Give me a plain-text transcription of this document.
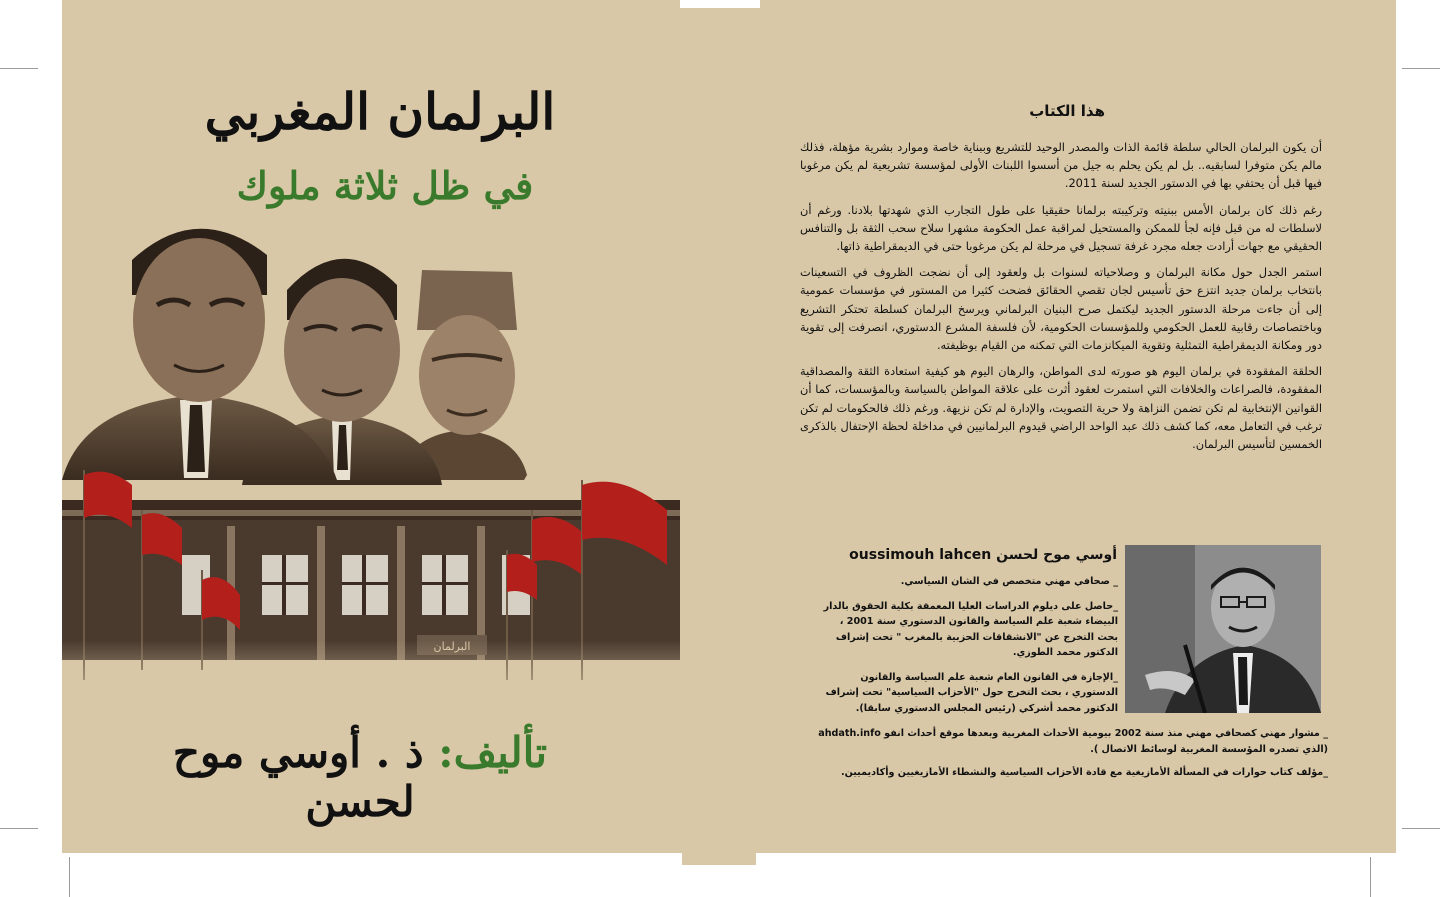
البرلمان المغربي
في ظل ثلاثة ملوك
تأليف: ذ . أوسي موح لحسن
هذا الكتاب

أن يكون البرلمان الحالي سلطة قائمة الذات والمصدر الوحيد للتشريع وببناية خاصة وموارد بشرية مؤهلة، فذلك مالم يكن متوفرا لسابقيه.. بل لم يكن يحلم به جيل من أسسوا اللبنات الأولى لمؤسسة تشريعية لم يكن مرغوبا فيها قبل أن يحتفي بها في الدستور الجديد لسنة 2011.

رغم ذلك كان برلمان الأمس ببنيته وتركيبته برلمانا حقيقيا على طول التجارب الذي شهدتها بلادنا. ورغم أن لاسلطات له من قبل فإنه لجأ للممكن والمستحيل لمراقبة عمل الحكومة مشهرا سلاح سحب الثقة بل والتنافس الحقيقي مع جهات أرادت جعله مجرد غرفة تسجيل في مرحلة لم يكن مرغوبا حتى في الديمقراطية ذاتها.

استمر الجدل حول مكانة البرلمان و وصلاحياته لسنوات بل ولعقود إلى أن نضجت الظروف في التسعينات بانتخاب برلمان جديد انتزع حق تأسيس لجان تقصي الحقائق فضحت كثيرا من المستور في مؤسسات عمومية إلى أن جاءت مرحلة الدستور الجديد ليكتمل صرح البنيان البرلماني ويرسخ البرلمان كسلطة تحتكر التشريع وباختصاصات رقابية للعمل الحكومي وللمؤسسات الحكومية، لأن فلسفة المشرع الدستوري، انصرفت إلى تقوية دور ومكانة الديمقراطية التمثلية وتقوية الميكانزمات التي تمكنه من القيام بوظيفته.

الحلقة المفقودة في برلمان اليوم هو صورته لدى المواطن، والرهان اليوم هو كيفية استعادة الثقة والمصداقية المفقودة، فالصراعات والخلافات التي استمرت لعقود أثرت على علاقة المواطن بالسياسة وبالمؤسسات، كما أن القوانين الإنتخابية لم تكن تضمن النزاهة ولا حرية التصويت، والإدارة لم تكن نزيهة. ورغم ذلك فالحكومات لم تكن ترغب في التعامل معه، كما كشف ذلك عبد الواحد الراضي قيدوم البرلمانيين في مداخلة لحظة الإحتفال بالذكرى الخمسين لتأسيس البرلمان.

أوسي موح لحسن oussimouh lahcen

_ صحافي مهني متخصص في الشان السياسي.

_حاصل على ديلوم الدراسات العليا المعمقة بكلية الحقوق بالدار البيضاء شعبة علم السياسة والقانون الدستوري سنة 2001 ، بحث التخرج عن "الانشقاقات الحزبية بالمغرب " تحت إشراف الدكتور محمد الطوزي.

_الإجازة في القانون العام شعبة علم السياسة والقانون الدستوري ، بحث التخرج حول "الأحزاب السياسية" تحت إشراف الدكتور محمد أشركي (رئيس المجلس الدستوري سابقا).

_ مشوار مهني كصحافي مهني منذ سنة 2002 بيومية الأحداث المغربية وبعدها موقع أحداث انفو ahdath.info (الذي تصدره المؤسسة المغربية لوسائط الاتصال ).

_مؤلف كتاب حوارات في المسألة الأمازيغية مع قادة الأحزاب السياسية والنشطاء الأمازيغيين وأكاديميين.
